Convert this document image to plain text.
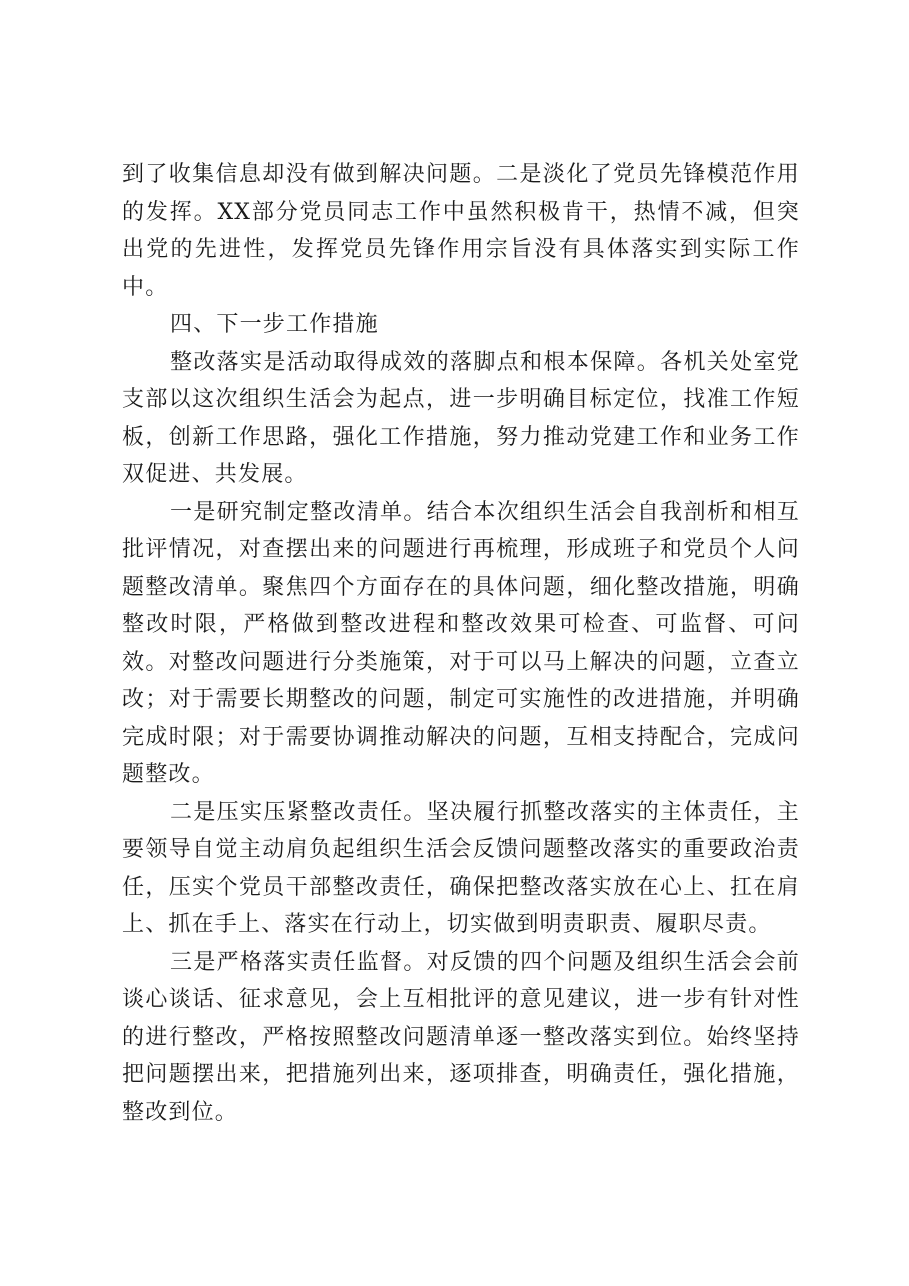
到了收集信息却没有做到解决问题。二是淡化了党员先锋模范作用的发挥。XX部分党员同志工作中虽然积极肯干，热情不减，但突出党的先进性，发挥党员先锋作用宗旨没有具体落实到实际工作中。

四、下一步工作措施

整改落实是活动取得成效的落脚点和根本保障。各机关处室党支部以这次组织生活会为起点，进一步明确目标定位，找准工作短板，创新工作思路，强化工作措施，努力推动党建工作和业务工作双促进、共发展。

一是研究制定整改清单。结合本次组织生活会自我剖析和相互批评情况，对查摆出来的问题进行再梳理，形成班子和党员个人问题整改清单。聚焦四个方面存在的具体问题，细化整改措施，明确整改时限，严格做到整改进程和整改效果可检查、可监督、可问效。对整改问题进行分类施策，对于可以马上解决的问题，立查立改；对于需要长期整改的问题，制定可实施性的改进措施，并明确完成时限；对于需要协调推动解决的问题，互相支持配合，完成问题整改。

二是压实压紧整改责任。坚决履行抓整改落实的主体责任，主要领导自觉主动肩负起组织生活会反馈问题整改落实的重要政治责任，压实个党员干部整改责任，确保把整改落实放在心上、扛在肩上、抓在手上、落实在行动上，切实做到明责职责、履职尽责。

三是严格落实责任监督。对反馈的四个问题及组织生活会会前谈心谈话、征求意见，会上互相批评的意见建议，进一步有针对性的进行整改，严格按照整改问题清单逐一整改落实到位。始终坚持把问题摆出来，把措施列出来，逐项排查，明确责任，强化措施，整改到位。
